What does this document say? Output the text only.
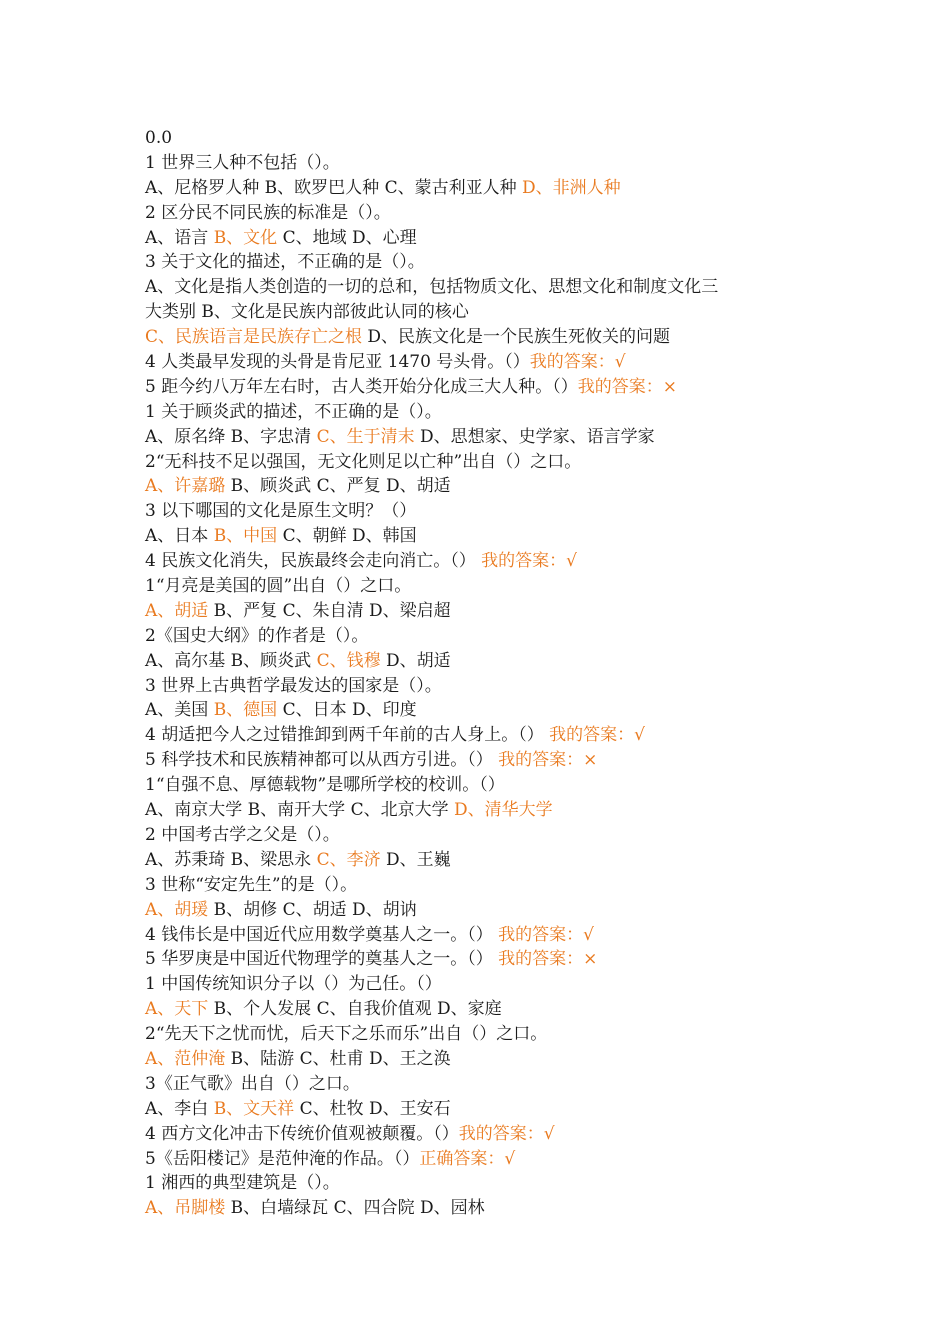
0.0
1 世界三人种不包括（）。
A、尼格罗人种 B、欧罗巴人种 C、蒙古利亚人种 D、非洲人种
2 区分民不同民族的标准是（）。
A、语言 B、文化 C、地域 D、心理
3 关于文化的描述，不正确的是（）。
A、文化是指人类创造的一切的总和，包括物质文化、思想文化和制度文化三
大类别 B、文化是民族内部彼此认同的核心
C、民族语言是民族存亡之根 D、民族文化是一个民族生死攸关的问题
4 人类最早发现的头骨是肯尼亚 1470 号头骨。（）我的答案：√
5 距今约八万年左右时，古人类开始分化成三大人种。（）我的答案：×
1 关于顾炎武的描述，不正确的是（）。
A、原名绛 B、字忠清 C、生于清末 D、思想家、史学家、语言学家
2“无科技不足以强国，无文化则足以亡种”出自（）之口。
A、许嘉璐 B、顾炎武 C、严复 D、胡适
3 以下哪国的文化是原生文明？（）
A、日本 B、中国 C、朝鲜 D、韩国
4 民族文化消失，民族最终会走向消亡。（） 我的答案：√
1“月亮是美国的圆”出自（）之口。
A、胡适 B、严复 C、朱自清 D、梁启超
2《国史大纲》的作者是（）。
A、高尔基 B、顾炎武 C、钱穆 D、胡适
3 世界上古典哲学最发达的国家是（）。
A、美国 B、德国 C、日本 D、印度
4 胡适把今人之过错推卸到两千年前的古人身上。（） 我的答案：√
5 科学技术和民族精神都可以从西方引进。（） 我的答案：×
1“自强不息、厚德载物”是哪所学校的校训。（）
A、南京大学 B、南开大学 C、北京大学 D、清华大学
2 中国考古学之父是（）。
A、苏秉琦 B、梁思永 C、李济 D、王巍
3 世称“安定先生”的是（）。
A、胡瑗 B、胡修 C、胡适 D、胡讷
4 钱伟长是中国近代应用数学奠基人之一。（） 我的答案：√
5 华罗庚是中国近代物理学的奠基人之一。（） 我的答案：×
1 中国传统知识分子以（）为己任。（）
A、天下 B、个人发展 C、自我价值观 D、家庭
2“先天下之忧而忧，后天下之乐而乐”出自（）之口。
A、范仲淹 B、陆游 C、杜甫 D、王之涣
3《正气歌》出自（）之口。
A、李白 B、文天祥 C、杜牧 D、王安石
4 西方文化冲击下传统价值观被颠覆。（）我的答案：√
5《岳阳楼记》是范仲淹的作品。（）正确答案：√
1 湘西的典型建筑是（）。
A、吊脚楼 B、白墙绿瓦 C、四合院 D、园林
